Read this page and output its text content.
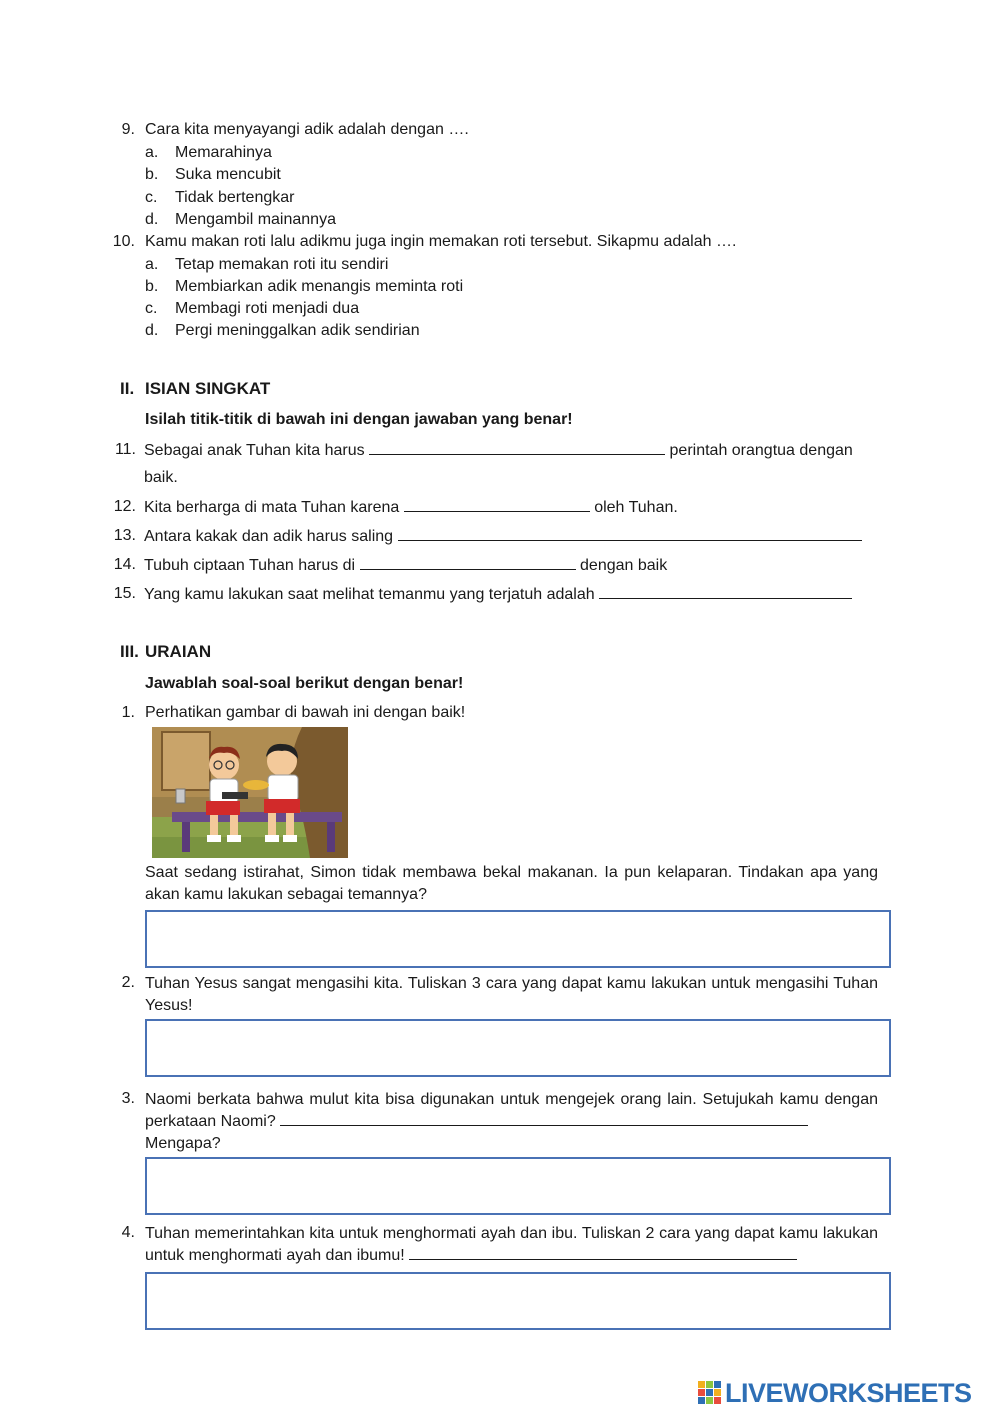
9. Cara kita menyayangi adik adalah dengan ….
a. Memarahinya
b. Suka mencubit
c. Tidak bertengkar
d. Mengambil mainannya
10. Kamu makan roti lalu adikmu juga ingin memakan roti tersebut. Sikapmu adalah ….
a. Tetap memakan roti itu sendiri
b. Membiarkan adik menangis meminta roti
c. Membagi roti menjadi dua
d. Pergi meninggalkan adik sendirian
II. ISIAN SINGKAT
Isilah titik-titik di bawah ini dengan jawaban yang benar!
11. Sebagai anak Tuhan kita harus	perintah orangtua dengan
baik.
12. Kita berharga di mata Tuhan karena	oleh Tuhan.
13. Antara kakak dan adik harus saling
14. Tubuh ciptaan Tuhan harus di	dengan baik
15. Yang kamu lakukan saat melihat temanmu yang terjatuh adalah
III. URAIAN
Jawablah soal-soal berikut dengan benar!
1. Perhatikan gambar di bawah ini dengan baik!
Saat sedang istirahat, Simon tidak membawa bekal makanan. Ia pun kelaparan. Tindakan apa yang akan kamu lakukan sebagai temannya?
2. Tuhan Yesus sangat mengasihi kita. Tuliskan 3 cara yang dapat kamu lakukan untuk mengasihi Tuhan Yesus!
3. Naomi berkata bahwa mulut kita bisa digunakan untuk mengejek orang lain. Setujukah kamu dengan perkataan Naomi?
Mengapa?
4. Tuhan memerintahkan kita untuk menghormati ayah dan ibu. Tuliskan 2 cara yang dapat kamu lakukan untuk menghormati ayah dan ibumu!
LIVEWORKSHEETS
